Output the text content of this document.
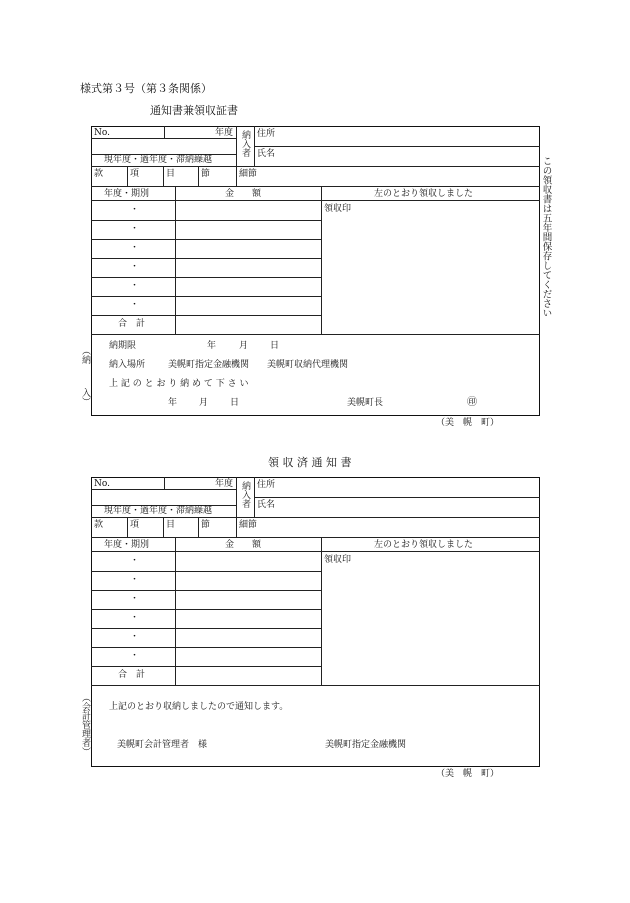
様式第３号（第３条関係）
通知書兼領収証書
No.	年度
現年度・過年度・滞納繰越
納入者 住所
氏名
款	項	目	節	細節
年度・期別	金　　額	左のとおり領収しました
領収印
・
・
・
・
・
・
合　計
納期限	年	月 日
納入場所	美幌町指定金融機関 美幌町収納代理機関
上 記 の と お り 納 め て 下 さ い
年 月 日	美幌町長	㊞
（納
入）
この領収書は五年間保存してください
（美　幌　町）
領 収 済 通 知 書
No.	年度
現年度・過年度・滞納繰越
納入者 住所
氏名
款	項	目	節	細節
年度・期別	金　　額	左のとおり領収しました
領収印
・
・
・
・
・
・
合　計
上記のとおり収納しましたので通知します。
美幌町会計管理者　様	美幌町指定金融機関
（会計管理者）
（美　幌　町）
